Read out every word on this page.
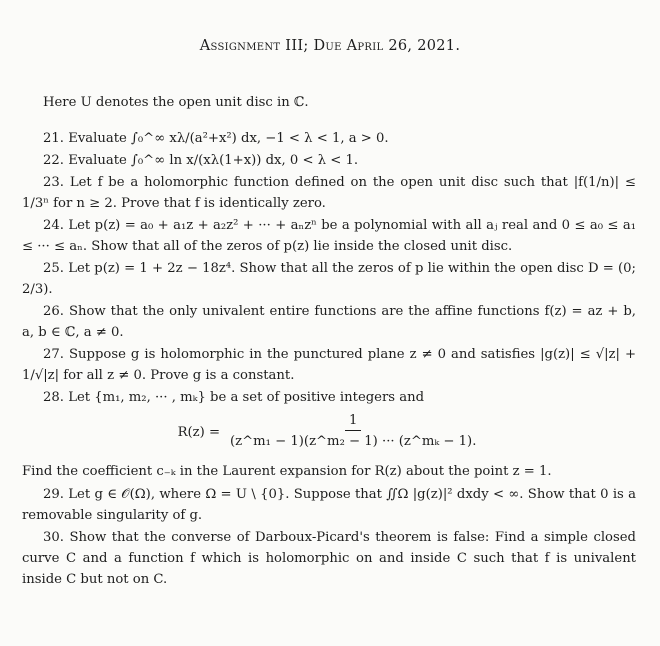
Assignment III; Due April 26, 2021.
Here U denotes the open unit disc in ℂ.

21. Evaluate ∫₀^∞ xλ/(a²+x²) dx, −1 < λ < 1, a > 0.

22. Evaluate ∫₀^∞ ln x/(xλ(1+x)) dx, 0 < λ < 1.

23. Let f be a holomorphic function defined on the open unit disc such that |f(1/n)| ≤ 1/3ⁿ for n ≥ 2. Prove that f is identically zero.

24. Let p(z) = a₀ + a₁z + a₂z² + ··· + aₙzⁿ be a polynomial with all aⱼ real and 0 ≤ a₀ ≤ a₁ ≤ ··· ≤ aₙ. Show that all of the zeros of p(z) lie inside the closed unit disc.

25. Let p(z) = 1 + 2z − 18z⁴. Show that all the zeros of p lie within the open disc D = (0; 2/3).

26. Show that the only univalent entire functions are the affine functions f(z) = az + b, a, b ∈ ℂ, a ≠ 0.

27. Suppose g is holomorphic in the punctured plane z ≠ 0 and satisfies |g(z)| ≤ √|z| + 1/√|z| for all z ≠ 0. Prove g is a constant.

28. Let {m₁, m₂, ··· , mₖ} be a set of positive integers and

$R(z) = \frac{1}{\text{(z\textasciicircum{}m₁ − 1)(z\textasciicircum{}m₂ − 1) ··· (z\textasciicircum{}mₖ − 1).}}$

Find the coefficient c₋ₖ in the Laurent expansion for R(z) about the point z = 1.

29. Let g ∈ 𝒪(Ω), where Ω = U \ {0}. Suppose that ∬Ω |g(z)|² dxdy < ∞. Show that 0 is a removable singularity of g.

30. Show that the converse of Darboux-Picard's theorem is false: Find a simple closed curve C and a function f which is holomorphic on and inside C such that f is univalent inside C but not on C.
